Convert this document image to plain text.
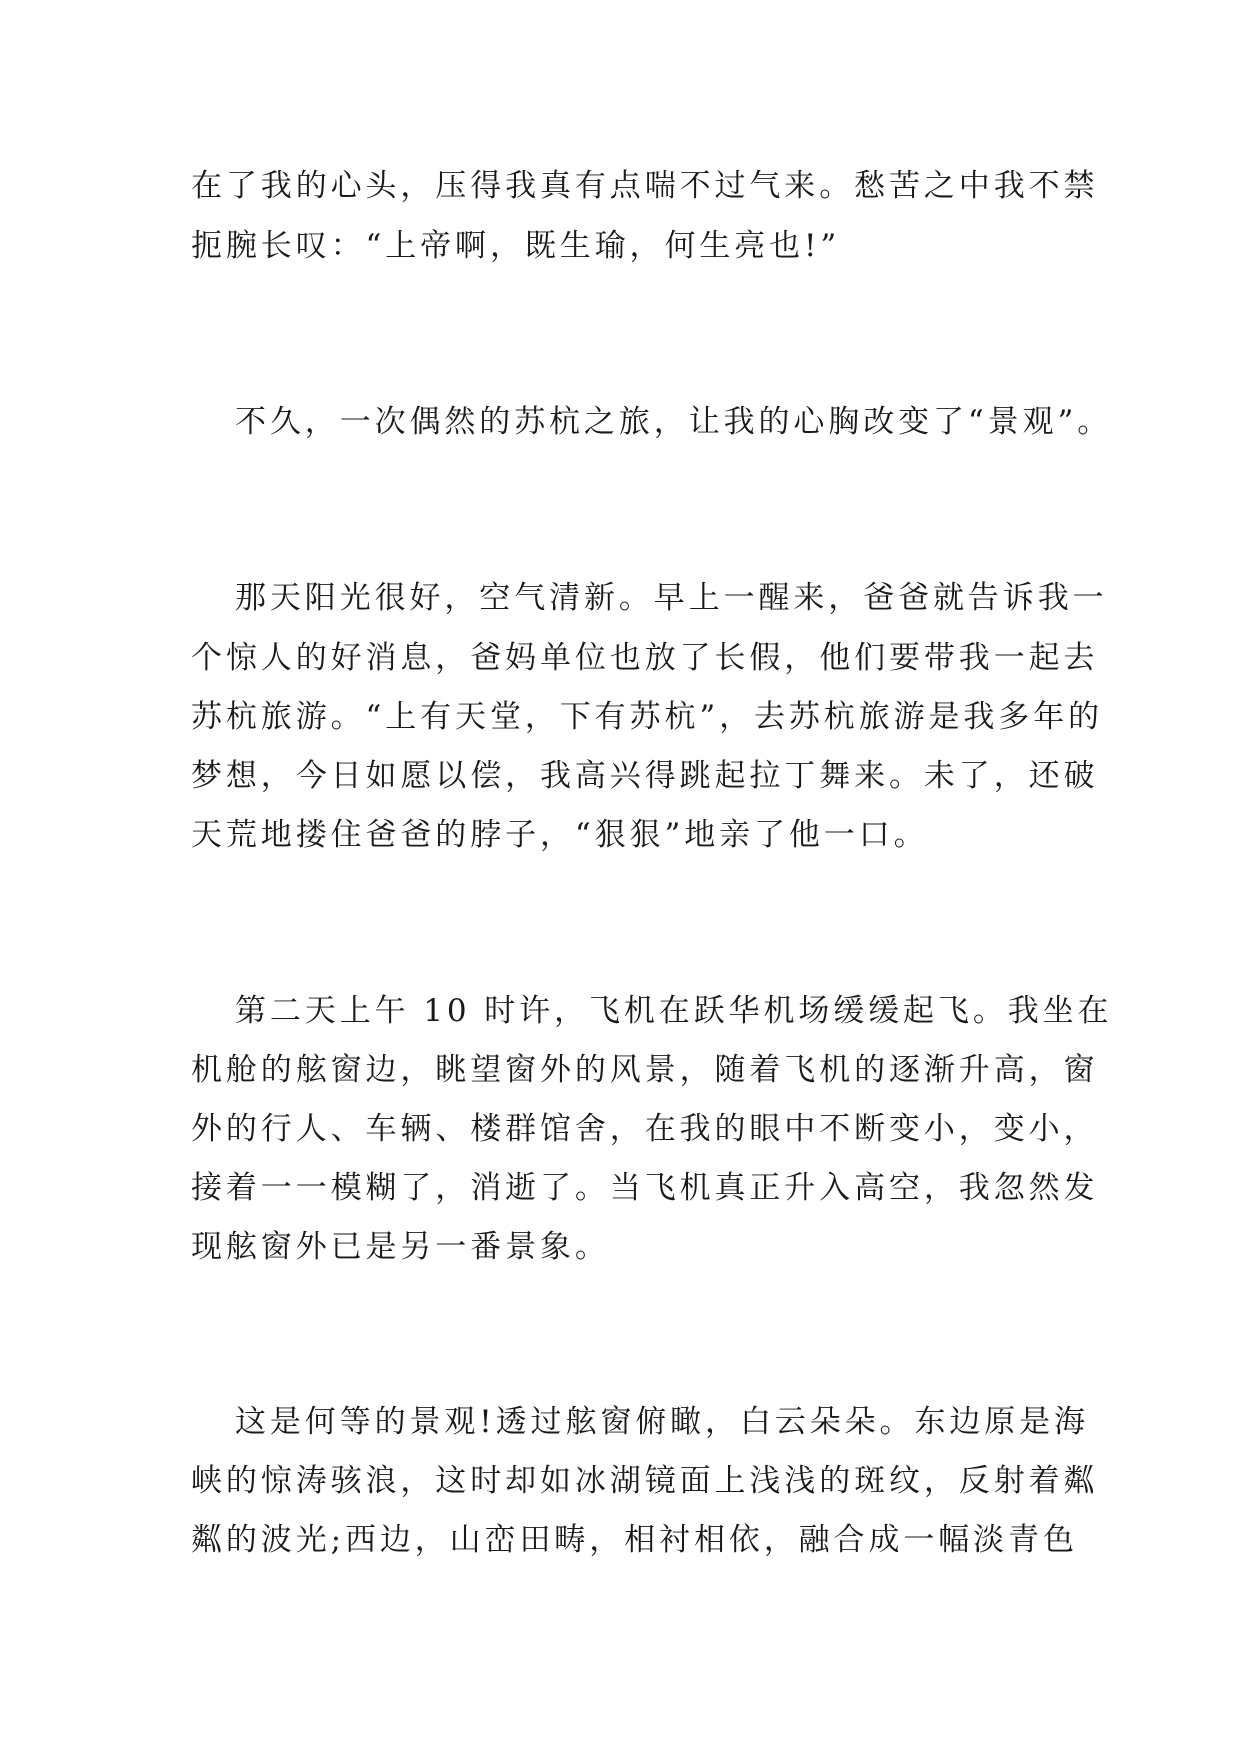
在了我的心头，压得我真有点喘不过气来。愁苦之中我不禁

扼腕长叹：“上帝啊，既生瑜，何生亮也!”

不久，一次偶然的苏杭之旅，让我的心胸改变了“景观”。

那天阳光很好，空气清新。早上一醒来，爸爸就告诉我一

个惊人的好消息，爸妈单位也放了长假，他们要带我一起去

苏杭旅游。“上有天堂，下有苏杭”，去苏杭旅游是我多年的

梦想，今日如愿以偿，我高兴得跳起拉丁舞来。未了，还破

天荒地搂住爸爸的脖子，“狠狠”地亲了他一口。

第二天上午 10 时许，飞机在跃华机场缓缓起飞。我坐在

机舱的舷窗边，眺望窗外的风景，随着飞机的逐渐升高，窗

外的行人、车辆、楼群馆舍，在我的眼中不断变小，变小，

接着一一模糊了，消逝了。当飞机真正升入高空，我忽然发

现舷窗外已是另一番景象。

这是何等的景观!透过舷窗俯瞰，白云朵朵。东边原是海

峡的惊涛骇浪，这时却如冰湖镜面上浅浅的斑纹，反射着粼

粼的波光;西边，山峦田畴，相衬相依，融合成一幅淡青色
